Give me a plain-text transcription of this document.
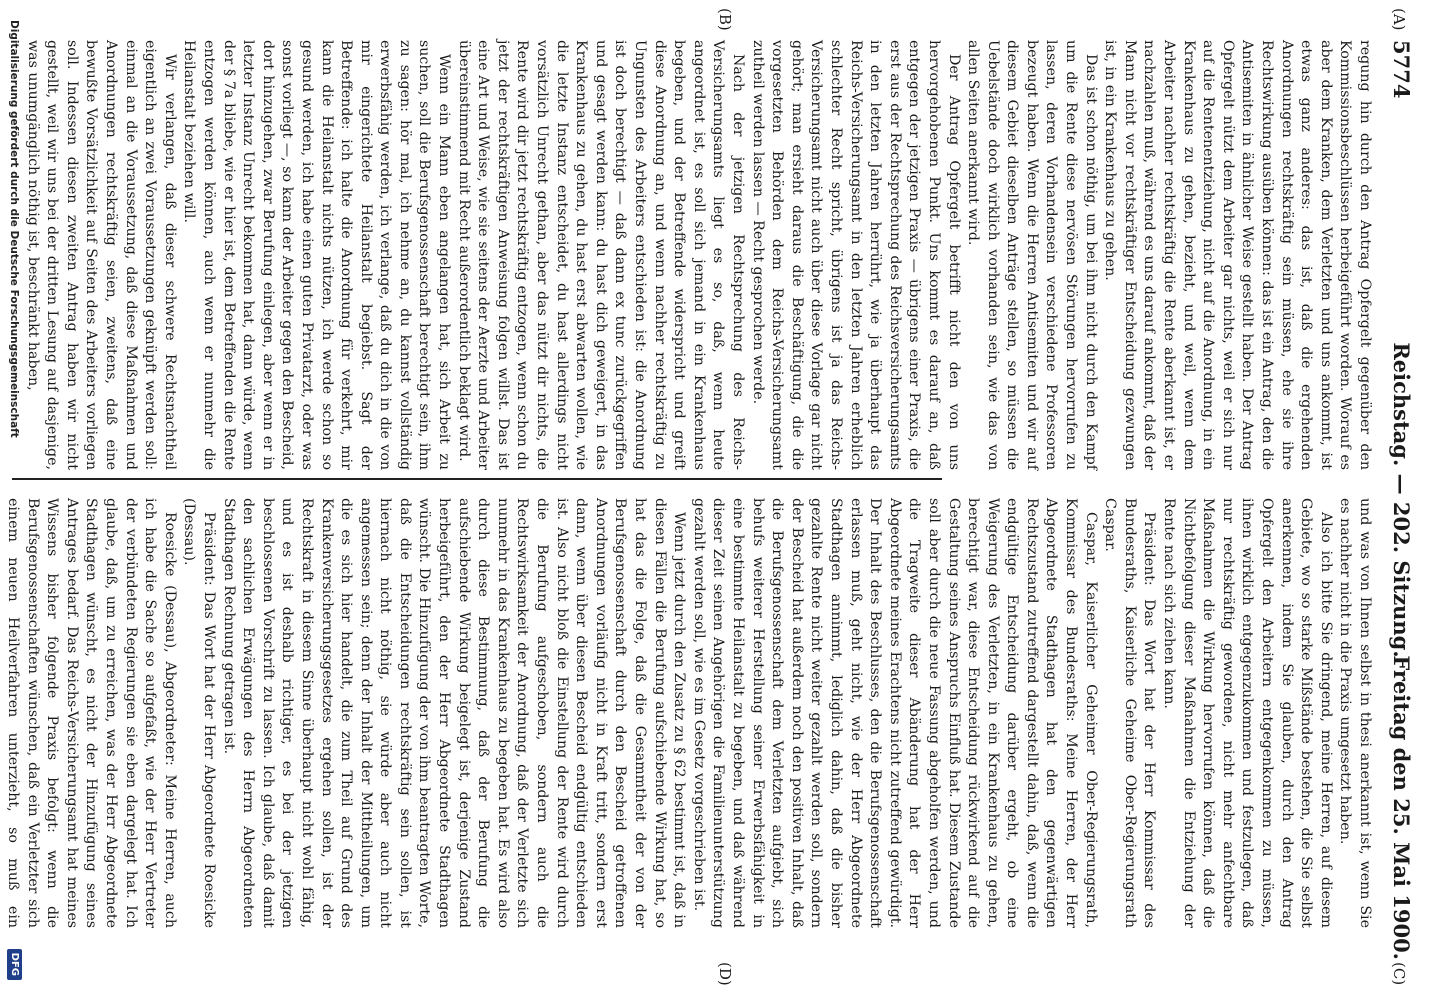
5774
Reichstag. — 202. Sitzung.
Freitag den 25. Mai 1900.
(A)
(B)
(C)
(D)

regung hin durch den Antrag Opfergelt gegenüber den Kommissionsbeschlüssen herbeigeführt worden. Worauf es aber dem Kranken, dem Verletzten und uns ankommt, ist etwas ganz anderes: das ist, daß die ergehenden Anordnungen rechtskräftig sein müssen, ehe sie ihre Rechtswirkung ausüben können: das ist ein Antrag, den die Antisemiten in ähnlicher Weise gestellt haben. Der Antrag Opfergelt nützt dem Arbeiter gar nichts, weil er sich nur auf die Rentenentziehung, nicht auf die Anordnung, in ein Krankenhaus zu gehen, bezieht, und weil, wenn dem Arbeiter nachher rechtskräftig die Rente aberkannt ist, er nachzahlen muß, während es uns darauf ankommt, daß der Mann nicht vor rechtskräftiger Entscheidung gezwungen ist, in ein Krankenhaus zu gehen.

Das ist schon nöthig, um bei ihm nicht durch den Kampf um die Rente diese nervösen Störungen hervorrufen zu lassen, deren Vorhandensein verschiedene Professoren bezeugt haben. Wenn die Herren Antisemiten und wir auf diesem Gebiet dieselben Anträge stellen, so müssen die Uebelstände doch wirklich vorhanden sein, wie das von allen Seiten anerkannt wird.

Der Antrag Opfergelt betrifft nicht den von uns hervorgehobenen Punkt. Uns kommt es darauf an, daß entgegen der jetzigen Praxis — übrigens einer Praxis, die erst aus der Rechtsprechung des Reichsversicherungsamts in den letzten Jahren herrührt, wie ja überhaupt das Reichs-Versicherungsamt in den letzten Jahren erheblich schlechter Recht spricht, übrigens ist ja das Reichs-Versicherungsamt nicht auch über diese Vorlage gar nicht gehört; man ersieht daraus die Beschäftigung, die die vorgesetzten Behörden dem Reichs-Versicherungsamt zutheil werden lassen — Recht gesprochen werde.

Nach der jetzigen Rechtsprechung des Reichs-Versicherungsamts liegt es so, daß, wenn heute angeordnet ist, es soll sich jemand in ein Krankenhaus begeben, und der Betreffende widerspricht und greift diese Anordnung an, und wenn nachher rechtskräftig zu Ungunsten des Arbeiters entschieden ist: die Anordnung ist doch berechtigt — daß dann ex tunc zurückgegriffen und gesagt werden kann: du hast dich geweigert, in das Krankenhaus zu gehen, du hast erst abwarten wollen, wie die letzte Instanz entscheidet, du hast allerdings nicht vorsätzlich Unrecht gethan, aber das nützt dir nichts, die Rente wird dir jetzt rechtskräftig entzogen, wenn schon du jetzt der rechtskräftigen Anweisung folgen willst. Das ist eine Art und Weise, wie sie seitens der Aerzte und Arbeiter übereinstimmend mit Recht außerordentlich beklagt wird.

Wenn ein Mann eben angelangen hat, sich Arbeit zu suchen, soll die Berufsgenossenschaft berechtigt sein, ihm zu sagen: hör mal, ich nehme an, du kannst vollständig erwerbsfähig werden, ich verlange, daß du dich in die von mir eingerichtete Heilanstalt begiebst. Sagt der Betreffende: ich halte die Anordnung für verkehrt, mir kann die Heilanstalt nichts nützen, ich werde schon so gesund werden, ich habe einen guten Privatarzt, oder was sonst vorliegt —, so kann der Arbeiter gegen den Bescheid, dort hinzugehen, zwar Berufung einlegen, aber wenn er in letzter Instanz Unrecht bekommen hat, dann würde, wenn der § 7a bliebe, wie er hier ist, dem Betreffenden die Rente entzogen werden können, auch wenn er nunmehr die Heilanstalt beziehen will.

Wir verlangen, daß dieser schwere Rechtsnachtheil eigentlich an zwei Voraussetzungen geknüpft werden soll: einmal an die Voraussetzung, daß diese Maßnahmen und Anordnungen rechtskräftig seien, zweitens, daß eine bewußte Vorsätzlichkeit auf Seiten des Arbeiters vorliegen soll. Indessen diesen zweiten Antrag haben wir nicht gestellt, weil wir uns bei der dritten Lesung auf dasjenige, was unumgänglich nöthig ist, beschränkt haben,

und was von Ihnen selbst in thesi anerkannt ist, wenn Sie es nachher nicht in die Praxis umgesetzt haben.

Also ich bitte Sie dringend, meine Herren, auf diesem Gebiete, wo so starke Mißstände bestehen, die Sie selbst anerkennen, indem Sie glauben, durch den Antrag Opfergelt den Arbeitern entgegenkommen zu müssen, ihnen wirklich entgegenzukommen und festzulegen, daß nur rechtskräftig gewordene, nicht mehr anfechtbare Maßnahmen die Wirkung hervorrufen können, daß die Nichtbefolgung dieser Maßnahmen die Entziehung der Rente nach sich ziehen kann.

Präsident: Das Wort hat der Herr Kommissar des Bundesraths, Kaiserliche Geheime Ober-Regierungsrath Caspar.

Caspar, Kaiserlicher Geheimer Ober-Regierungsrath, Kommissar des Bundesraths: Meine Herren, der Herr Abgeordnete Stadthagen hat den gegenwärtigen Rechtszustand zutreffend dargestellt dahin, daß, wenn die endgültige Entscheidung darüber ergeht, ob eine Weigerung des Verletzten, in ein Krankenhaus zu gehen, berechtigt war, diese Entscheidung rückwirkend auf die Gestaltung seines Anspruchs Einfluß hat. Diesem Zustande soll aber durch die neue Fassung abgeholfen werden, und die Tragweite dieser Abänderung hat der Herr Abgeordnete meines Erachtens nicht zutreffend gewürdigt. Der Inhalt des Beschlusses, den die Berufsgenossenschaft erlassen muß, geht nicht, wie der Herr Abgeordnete Stadthagen annimmt, lediglich dahin, daß die bisher gezahlte Rente nicht weiter gezahlt werden soll, sondern der Bescheid hat außerdem noch den positiven Inhalt, daß die Berufsgenossenschaft dem Verletzten aufgiebt, sich behufs weiterer Herstellung seiner Erwerbsfähigkeit in eine bestimmte Heilanstalt zu begeben, und daß während dieser Zeit seinen Angehörigen die Familienunterstützung gezahlt werden soll, wie es im Gesetz vorgeschrieben ist.

Wenn jetzt durch den Zusatz zu § 62 bestimmt ist, daß in diesen Fällen die Berufung aufschiebende Wirkung hat, so hat das die Folge, daß die Gesammtheit der von der Berufsgenossenschaft durch den Bescheid getroffenen Anordnungen vorläufig nicht in Kraft tritt, sondern erst dann, wenn über diesen Bescheid endgültig entschieden ist. Also nicht bloß die Einstellung der Rente wird durch die Berufung aufgeschoben, sondern auch die Rechtswirksamkeit der Anordnung, daß der Verletzte sich nunmehr in das Krankenhaus zu begeben hat. Es wird also durch diese Bestimmung, daß der Berufung die aufschiebende Wirkung beigelegt ist, derjenige Zustand herbeigeführt, den der Herr Abgeordnete Stadthagen wünscht. Die Hinzufügung der von ihm beantragten Worte, daß die Entscheidungen rechtskräftig sein sollen, ist hiernach nicht nöthig, sie würde aber auch nicht angemessen sein; denn der Inhalt der Mittheilungen, um die es sich hier handelt, die zum Theil auf Grund des Krankenversicherungsgesetzes ergehen sollen, ist der Rechtskraft in diesem Sinne überhaupt nicht wohl fähig, und es ist deshalb richtiger, es bei der jetzigen beschlossenen Vorschrift zu lassen. Ich glaube, daß damit den sachlichen Erwägungen des Herrn Abgeordneten Stadthagen Rechnung getragen ist.

Präsident: Das Wort hat der Herr Abgeordnete Roesicke (Dessau).

Roesicke (Dessau), Abgeordneter: Meine Herren, auch ich habe die Sache so aufgefaßt, wie der Herr Vertreter der verbündeten Regierungen sie eben dargelegt hat. Ich glaube, daß, um zu erreichen, was der Herr Abgeordnete Stadthagen wünscht, es nicht der Hinzufügung seines Antrages bedarf. Das Reichs-Versicherungsamt hat meines Wissens bisher folgende Praxis befolgt: wenn die Berufsgenossenschaften wünschen, daß ein Verletzter sich einem neuen Heilverfahren unterzieht, so muß ein

Digitalisierung gefördert durch die Deutsche Forschungsgemeinschaft
DFG
